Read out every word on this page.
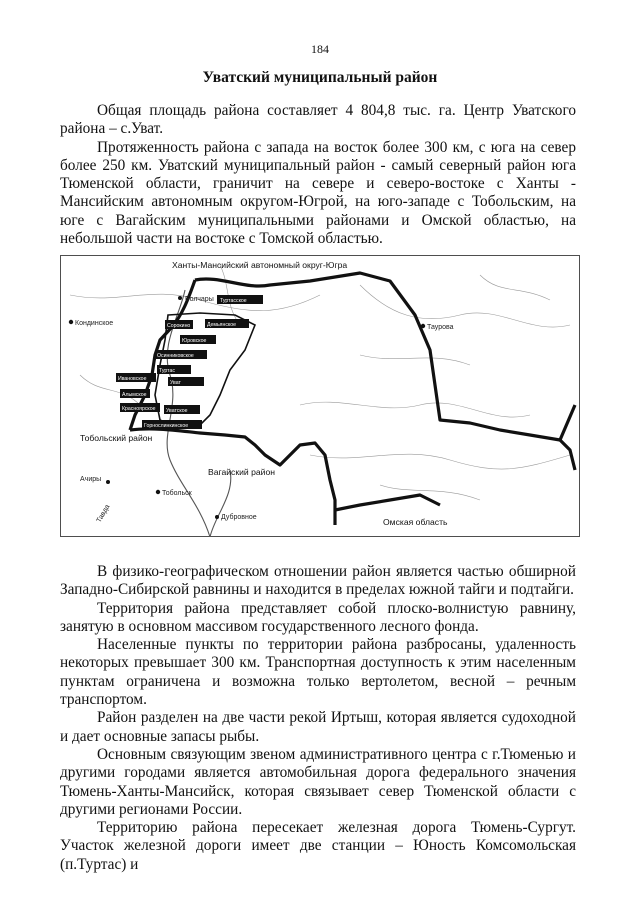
184
Уватский муниципальный район

Общая площадь района составляет 4 804,8 тыс. га. Центр Уватского района – с.Уват.

Протяженность района с запада на восток более 300 км, с юга на север более 250 км. Уватский муниципальный район - самый северный район юга Тюменской области, граничит на севере и северо-востоке с Ханты - Мансийским автономным округом-Югрой, на юго-западе с Тобольским, на юге с Вагайским муниципальными районами и Омской областью, на небольшой части на востоке с Томской областью.

Туртасское
Сорокино	Демьянское
Юровское
Осинниковское
Туртас
Ивановское
Алымское
Уват
Красноярское
Горнослинкинское
Уватское
Ханты-Мансийский автономный округ-Югра
Таурова
Кондинское
Болчары
Тобольский район
Тобольск
Вагайский район
Омская область
Дубровное
Ачиры
Тавда

В физико-географическом отношении район является частью обширной Западно-Сибирской равнины и находится в пределах южной тайги и подтайги.

Территория района представляет собой плоско-волнистую равнину, занятую в основном массивом государственного лесного фонда.

Населенные пункты по территории района разбросаны, удаленность некоторых превышает 300 км. Транспортная доступность к этим населенным пунктам ограничена и возможна только вертолетом, весной – речным транспортом.

Район разделен на две части рекой Иртыш, которая является судоходной и дает основные запасы рыбы.

Основным связующим звеном административного центра с г.Тюменью и другими городами является автомобильная дорога федерального значения Тюмень-Ханты-Мансийск, которая связывает север Тюменской области с другими регионами России.

Территорию района пересекает железная дорога Тюмень-Сургут. Участок железной дороги имеет две станции – Юность Комсомольская (п.Туртас) и
